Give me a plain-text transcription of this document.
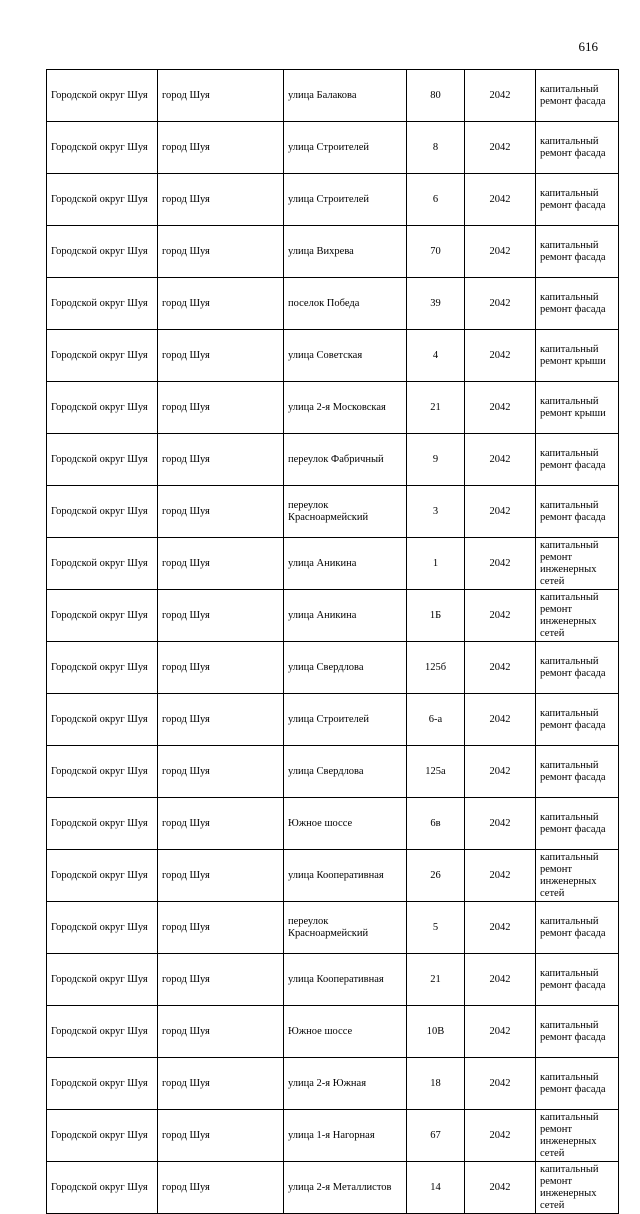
616
Городской округ Шуя	город Шуя	улица Балакова	80	2042	капитальный ремонт фасада
Городской округ Шуя	город Шуя	улица Строителей	8	2042	капитальный ремонт фасада
Городской округ Шуя	город Шуя	улица Строителей	6	2042	капитальный ремонт фасада
Городской округ Шуя	город Шуя	улица Вихрева	70	2042	капитальный ремонт фасада
Городской округ Шуя	город Шуя	поселок Победа	39	2042	капитальный ремонт фасада
Городской округ Шуя	город Шуя	улица Советская	4	2042	капитальный ремонт крыши
Городской округ Шуя	город Шуя	улица 2-я Московская	21	2042	капитальный ремонт крыши
Городской округ Шуя	город Шуя	переулок Фабричный	9	2042	капитальный ремонт фасада
Городской округ Шуя	город Шуя	переулок Красноармейский	3	2042	капитальный ремонт фасада
Городской округ Шуя	город Шуя	улица Аникина	1	2042	капитальный ремонт инженерных сетей
Городской округ Шуя	город Шуя	улица Аникина	1Б	2042	капитальный ремонт инженерных сетей
Городской округ Шуя	город Шуя	улица Свердлова	125б	2042	капитальный ремонт фасада
Городской округ Шуя	город Шуя	улица Строителей	6-а	2042	капитальный ремонт фасада
Городской округ Шуя	город Шуя	улица Свердлова	125а	2042	капитальный ремонт фасада
Городской округ Шуя	город Шуя	Южное шоссе	6в	2042	капитальный ремонт фасада
Городской округ Шуя	город Шуя	улица Кооперативная	26	2042	капитальный ремонт инженерных сетей
Городской округ Шуя	город Шуя	переулок Красноармейский	5	2042	капитальный ремонт фасада
Городской округ Шуя	город Шуя	улица Кооперативная	21	2042	капитальный ремонт фасада
Городской округ Шуя	город Шуя	Южное шоссе	10В	2042	капитальный ремонт фасада
Городской округ Шуя	город Шуя	улица 2-я Южная	18	2042	капитальный ремонт фасада
Городской округ Шуя	город Шуя	улица 1-я Нагорная	67	2042	капитальный ремонт инженерных сетей
Городской округ Шуя	город Шуя	улица 2-я Металлистов	14	2042	капитальный ремонт инженерных сетей
